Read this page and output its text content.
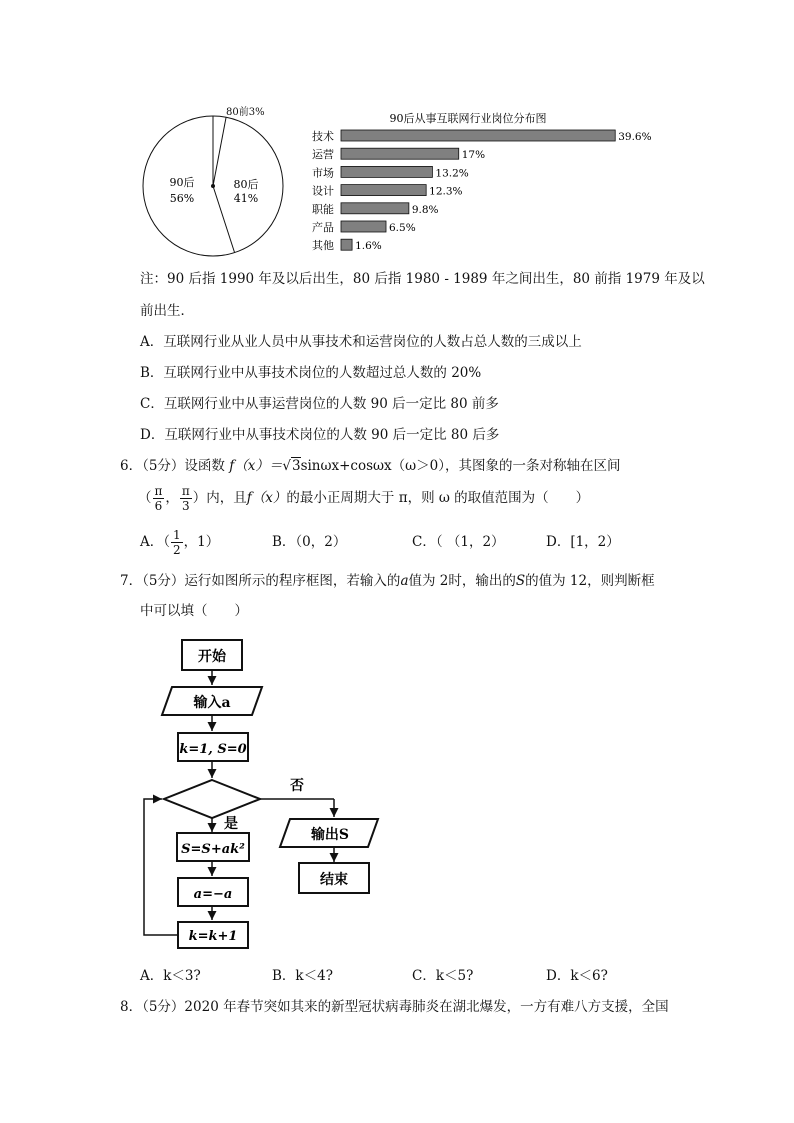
90后
56%
80后
41%
80前3%	90后从事互联网行业岗位分布图
技术	39.6%
运营	17%
市场	13.2%
设计	12.3%
职能	9.8%
产品	6.5%
其他 1.6%
注：90 后指 1990 年及以后出生，80 后指 1980 - 1989 年之间出生，80 前指 1979 年及以
前出生．
A．互联网行业从业人员中从事技术和运营岗位的人数占总人数的三成以上
B．互联网行业中从事技术岗位的人数超过总人数的 20%
C．互联网行业中从事运营岗位的人数 90 后一定比 80 前多
D．互联网行业中从事技术岗位的人数 90 后一定比 80 后多
6．（5分）设函数 f（x）＝√3sinωx+cosωx（ω＞0），其图象的一条对称轴在区间
（ $\frac{\pi}{6}$ ， $\frac{\pi}{3}$ ）内，且f（x）的最小正周期大于 π，则 ω 的取值范围为（　　）
A．（ $\frac{1}{2}$ ，1）	B．（0，2）	C．（ （1，2）	D．[1，2）
7．（5分）运行如图所示的程序框图，若输入的a值为 2时，输出的S的值为 12，则判断框
中可以填（　　）
开始
输入a
k=1, S=0
否
是
S=S+ak²
a=−a
k=k+1
输出S
结束
A．k＜3?	B．k＜4?	C．k＜5?	D．k＜6?
8．（5分）2020 年春节突如其来的新型冠状病毒肺炎在湖北爆发，一方有难八方支援，全国
